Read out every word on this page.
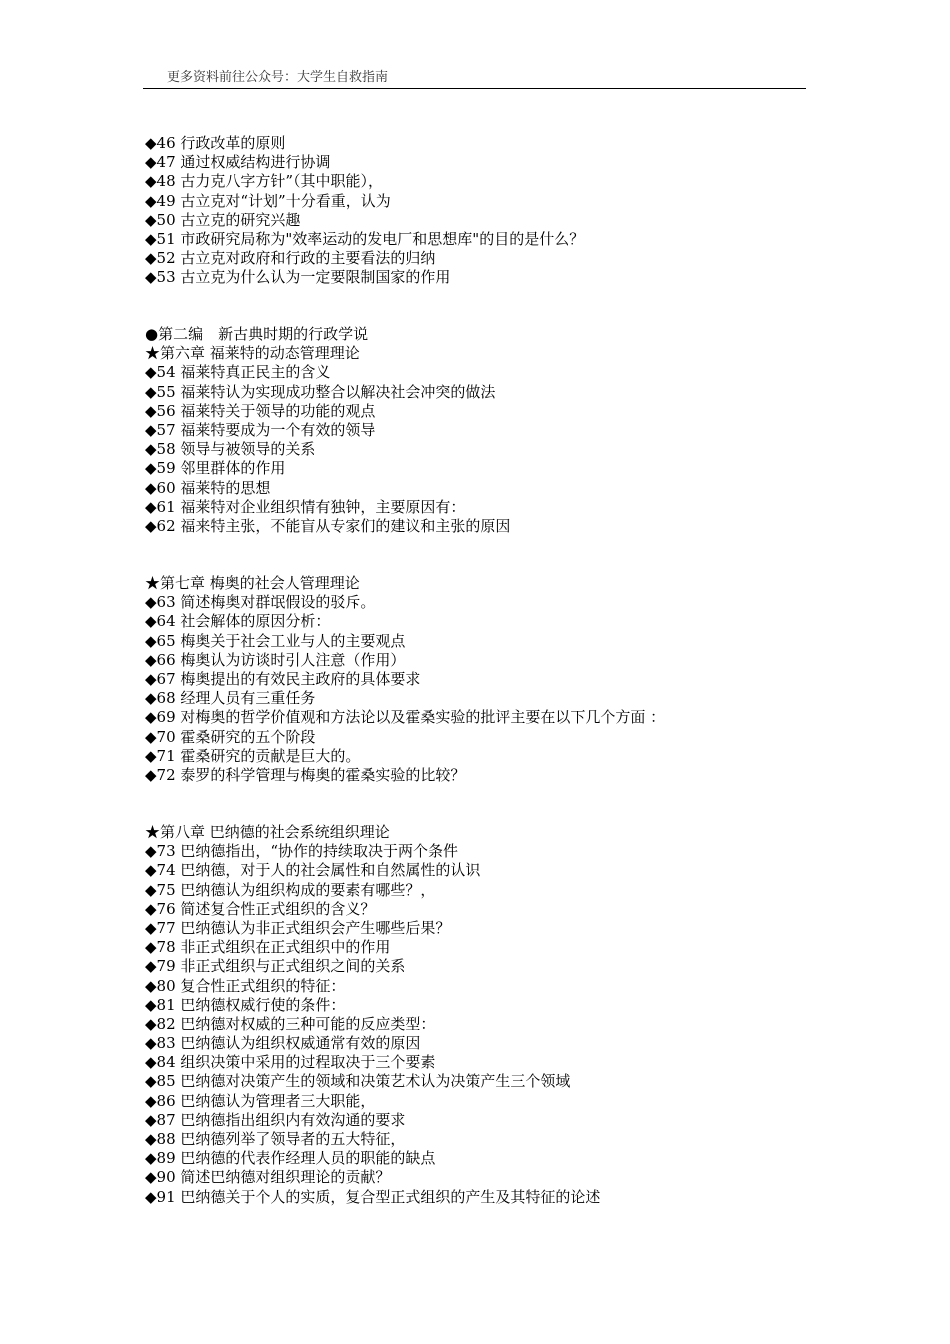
更多资料前往公众号：大学生自救指南
◆46 行政改革的原则
◆47 通过权威结构进行协调
◆48 古力克八字方针”（其中职能），
◆49 古立克对“计划”十分看重，认为
◆50 古立克的研究兴趣
◆51 市政研究局称为"效率运动的发电厂和思想库"的目的是什么？
◆52 古立克对政府和行政的主要看法的归纳
◆53 古立克为什么认为一定要限制国家的作用
●第二编　新古典时期的行政学说
★第六章 福莱特的动态管理理论
◆54 福莱特真正民主的含义
◆55 福莱特认为实现成功整合以解决社会冲突的做法
◆56 福莱特关于领导的功能的观点
◆57 福莱特要成为一个有效的领导
◆58 领导与被领导的关系
◆59 邻里群体的作用
◆60 福莱特的思想
◆61 福莱特对企业组织情有独钟，主要原因有：
◆62 福来特主张，不能盲从专家们的建议和主张的原因
★第七章 梅奥的社会人管理理论
◆63 简述梅奥对群氓假设的驳斥。
◆64 社会解体的原因分析：
◆65 梅奥关于社会工业与人的主要观点
◆66 梅奥认为访谈时引人注意（作用）
◆67 梅奥提出的有效民主政府的具体要求
◆68 经理人员有三重任务
◆69 对梅奥的哲学价值观和方法论以及霍桑实验的批评主要在以下几个方面 ：
◆70 霍桑研究的五个阶段
◆71 霍桑研究的贡献是巨大的。
◆72 泰罗的科学管理与梅奥的霍桑实验的比较？
★第八章 巴纳德的社会系统组织理论
◆73 巴纳德指出，“协作的持续取决于两个条件
◆74 巴纳德，对于人的社会属性和自然属性的认识
◆75 巴纳德认为组织构成的要素有哪些？，
◆76 简述复合性正式组织的含义？
◆77 巴纳德认为非正式组织会产生哪些后果？
◆78 非正式组织在正式组织中的作用
◆79 非正式组织与正式组织之间的关系
◆80 复合性正式组织的特征：
◆81 巴纳德权威行使的条件：
◆82 巴纳德对权威的三种可能的反应类型：
◆83 巴纳德认为组织权威通常有效的原因
◆84 组织决策中采用的过程取决于三个要素
◆85 巴纳德对决策产生的领域和决策艺术认为决策产生三个领域
◆86 巴纳德认为管理者三大职能，
◆87 巴纳德指出组织内有效沟通的要求
◆88 巴纳德列举了领导者的五大特征，
◆89 巴纳德的代表作经理人员的职能的缺点
◆90 简述巴纳德对组织理论的贡献？
◆91 巴纳德关于个人的实质，复合型正式组织的产生及其特征的论述
